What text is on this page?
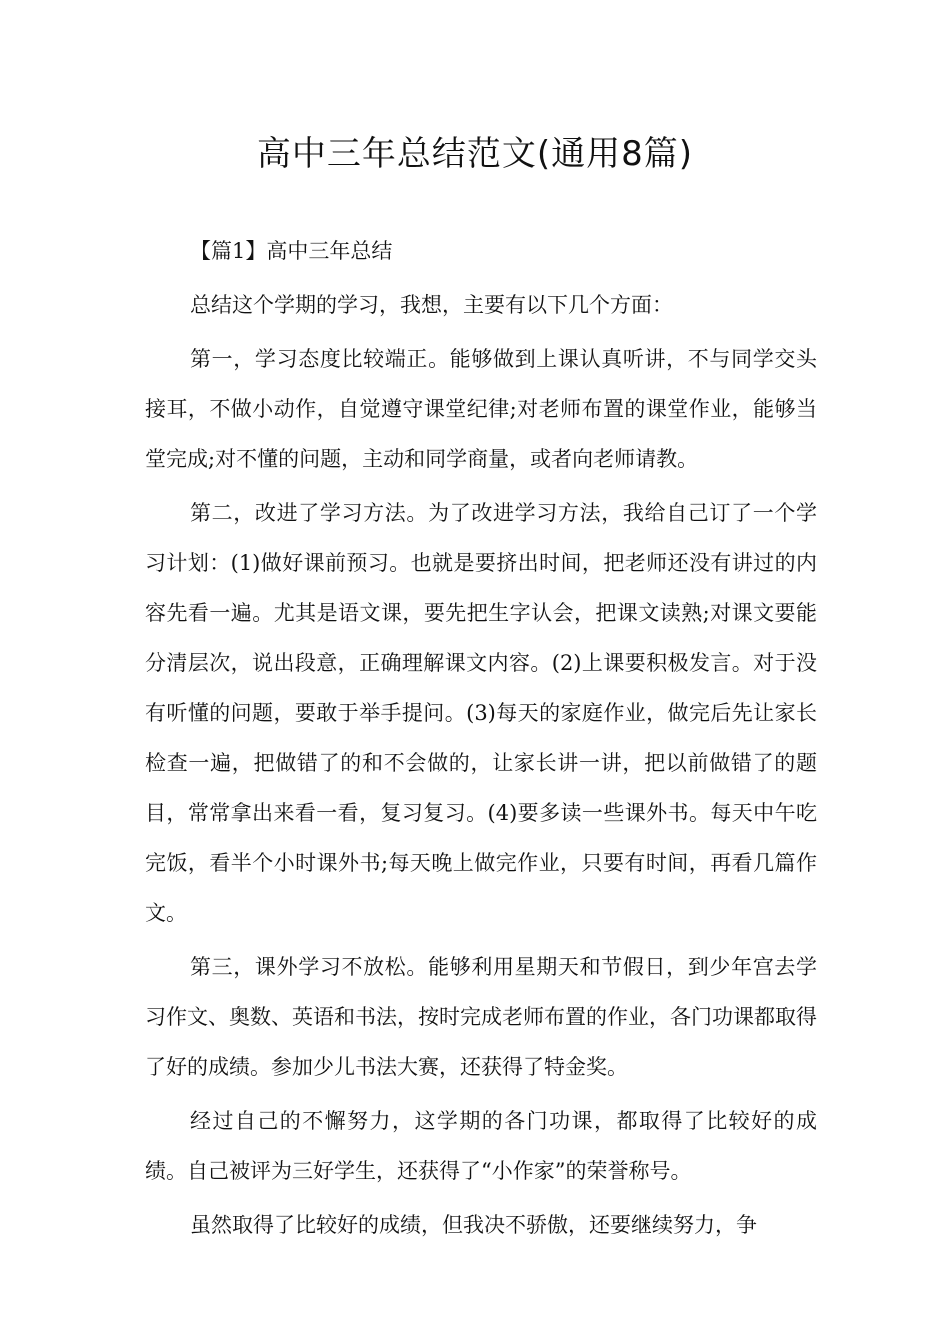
高中三年总结范文(通用8篇)
【篇1】高中三年总结

总结这个学期的学习，我想，主要有以下几个方面：

第一，学习态度比较端正。能够做到上课认真听讲，不与同学交头接耳，不做小动作，自觉遵守课堂纪律;对老师布置的课堂作业，能够当堂完成;对不懂的问题，主动和同学商量，或者向老师请教。

第二，改进了学习方法。为了改进学习方法，我给自己订了一个学习计划：(1)做好课前预习。也就是要挤出时间，把老师还没有讲过的内容先看一遍。尤其是语文课，要先把生字认会，把课文读熟;对课文要能分清层次，说出段意，正确理解课文内容。(2)上课要积极发言。对于没有听懂的问题，要敢于举手提问。(3)每天的家庭作业，做完后先让家长检查一遍，把做错了的和不会做的，让家长讲一讲，把以前做错了的题目，常常拿出来看一看，复习复习。(4)要多读一些课外书。每天中午吃完饭，看半个小时课外书;每天晚上做完作业，只要有时间，再看几篇作文。

第三，课外学习不放松。能够利用星期天和节假日，到少年宫去学习作文、奥数、英语和书法，按时完成老师布置的作业，各门功课都取得了好的成绩。参加少儿书法大赛，还获得了特金奖。

经过自己的不懈努力，这学期的各门功课，都取得了比较好的成绩。自己被评为三好学生，还获得了“小作家”的荣誉称号。

虽然取得了比较好的成绩，但我决不骄傲，还要继续努力，争
